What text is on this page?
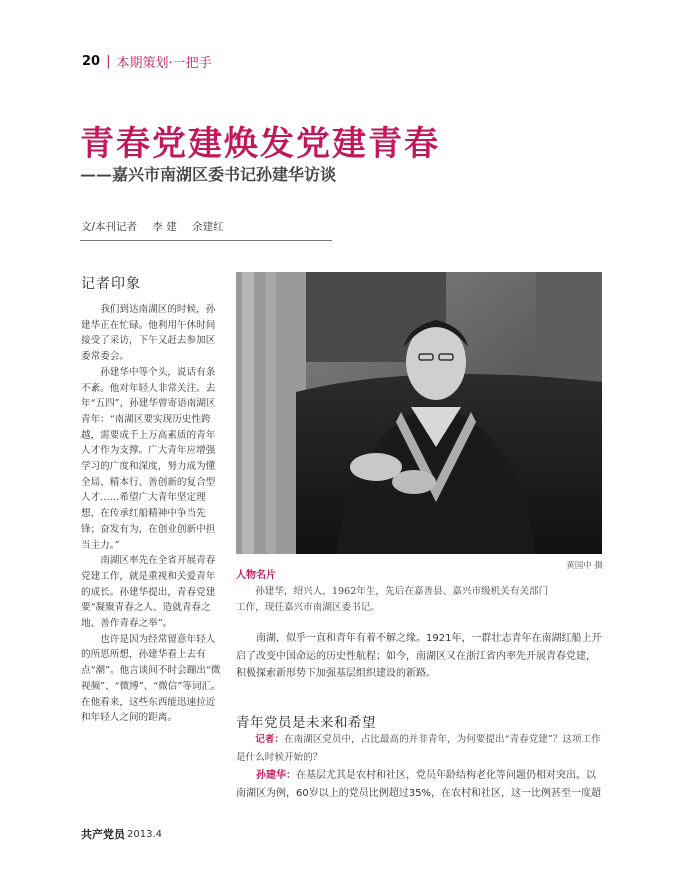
20 | 本期策划·一把手
青春党建焕发党建青春
——嘉兴市南湖区委书记孙建华访谈
文/本刊记者 李 建 余建红
记者印象

我们到达南湖区的时候，孙建华正在忙碌。他利用午休时间接受了采访，下午又赶去参加区委常委会。

孙建华中等个头，说话有条不紊。他对年轻人非常关注。去年“五四”，孙建华曾寄语南湖区青年：“南湖区要实现历史性跨越，需要成千上万高素质的青年人才作为支撑。广大青年应增强学习的广度和深度，努力成为懂全局、精本行、善创新的复合型人才……希望广大青年坚定理想，在传承红船精神中争当先锋；奋发有为，在创业创新中担当主力。”

南湖区率先在全省开展青春党建工作，就是重视和关爱青年的成长。孙建华提出，青春党建要“凝聚青春之人、造就青春之地、善作青春之举”。

也许是因为经常留意年轻人的所思所想，孙建华看上去有点“潮”。他言谈间不时会蹦出“微视频”、“微博”、“微信”等词汇。在他看来，这些东西能迅速拉近和年轻人之间的距离。

黄国中 摄
人物名片
孙建华，绍兴人，1962年生，先后在嘉善县、嘉兴市级机关有关部门工作，现任嘉兴市南湖区委书记。
南湖，似乎一直和青年有着不解之缘。1921年，一群壮志青年在南湖红船上开启了改变中国命运的历史性航程；如今，南湖区又在浙江省内率先开展青春党建，积极探索新形势下加强基层组织建设的新路。
青年党员是未来和希望
记者：在南湖区党员中，占比最高的并非青年，为何要提出“青春党建”？这项工作是什么时候开始的？
孙建华：在基层尤其是农村和社区，党员年龄结构老化等问题仍相对突出。以南湖区为例，60岁以上的党员比例超过35%，在农村和社区，这一比例甚至一度超
共产党员 2013.4
